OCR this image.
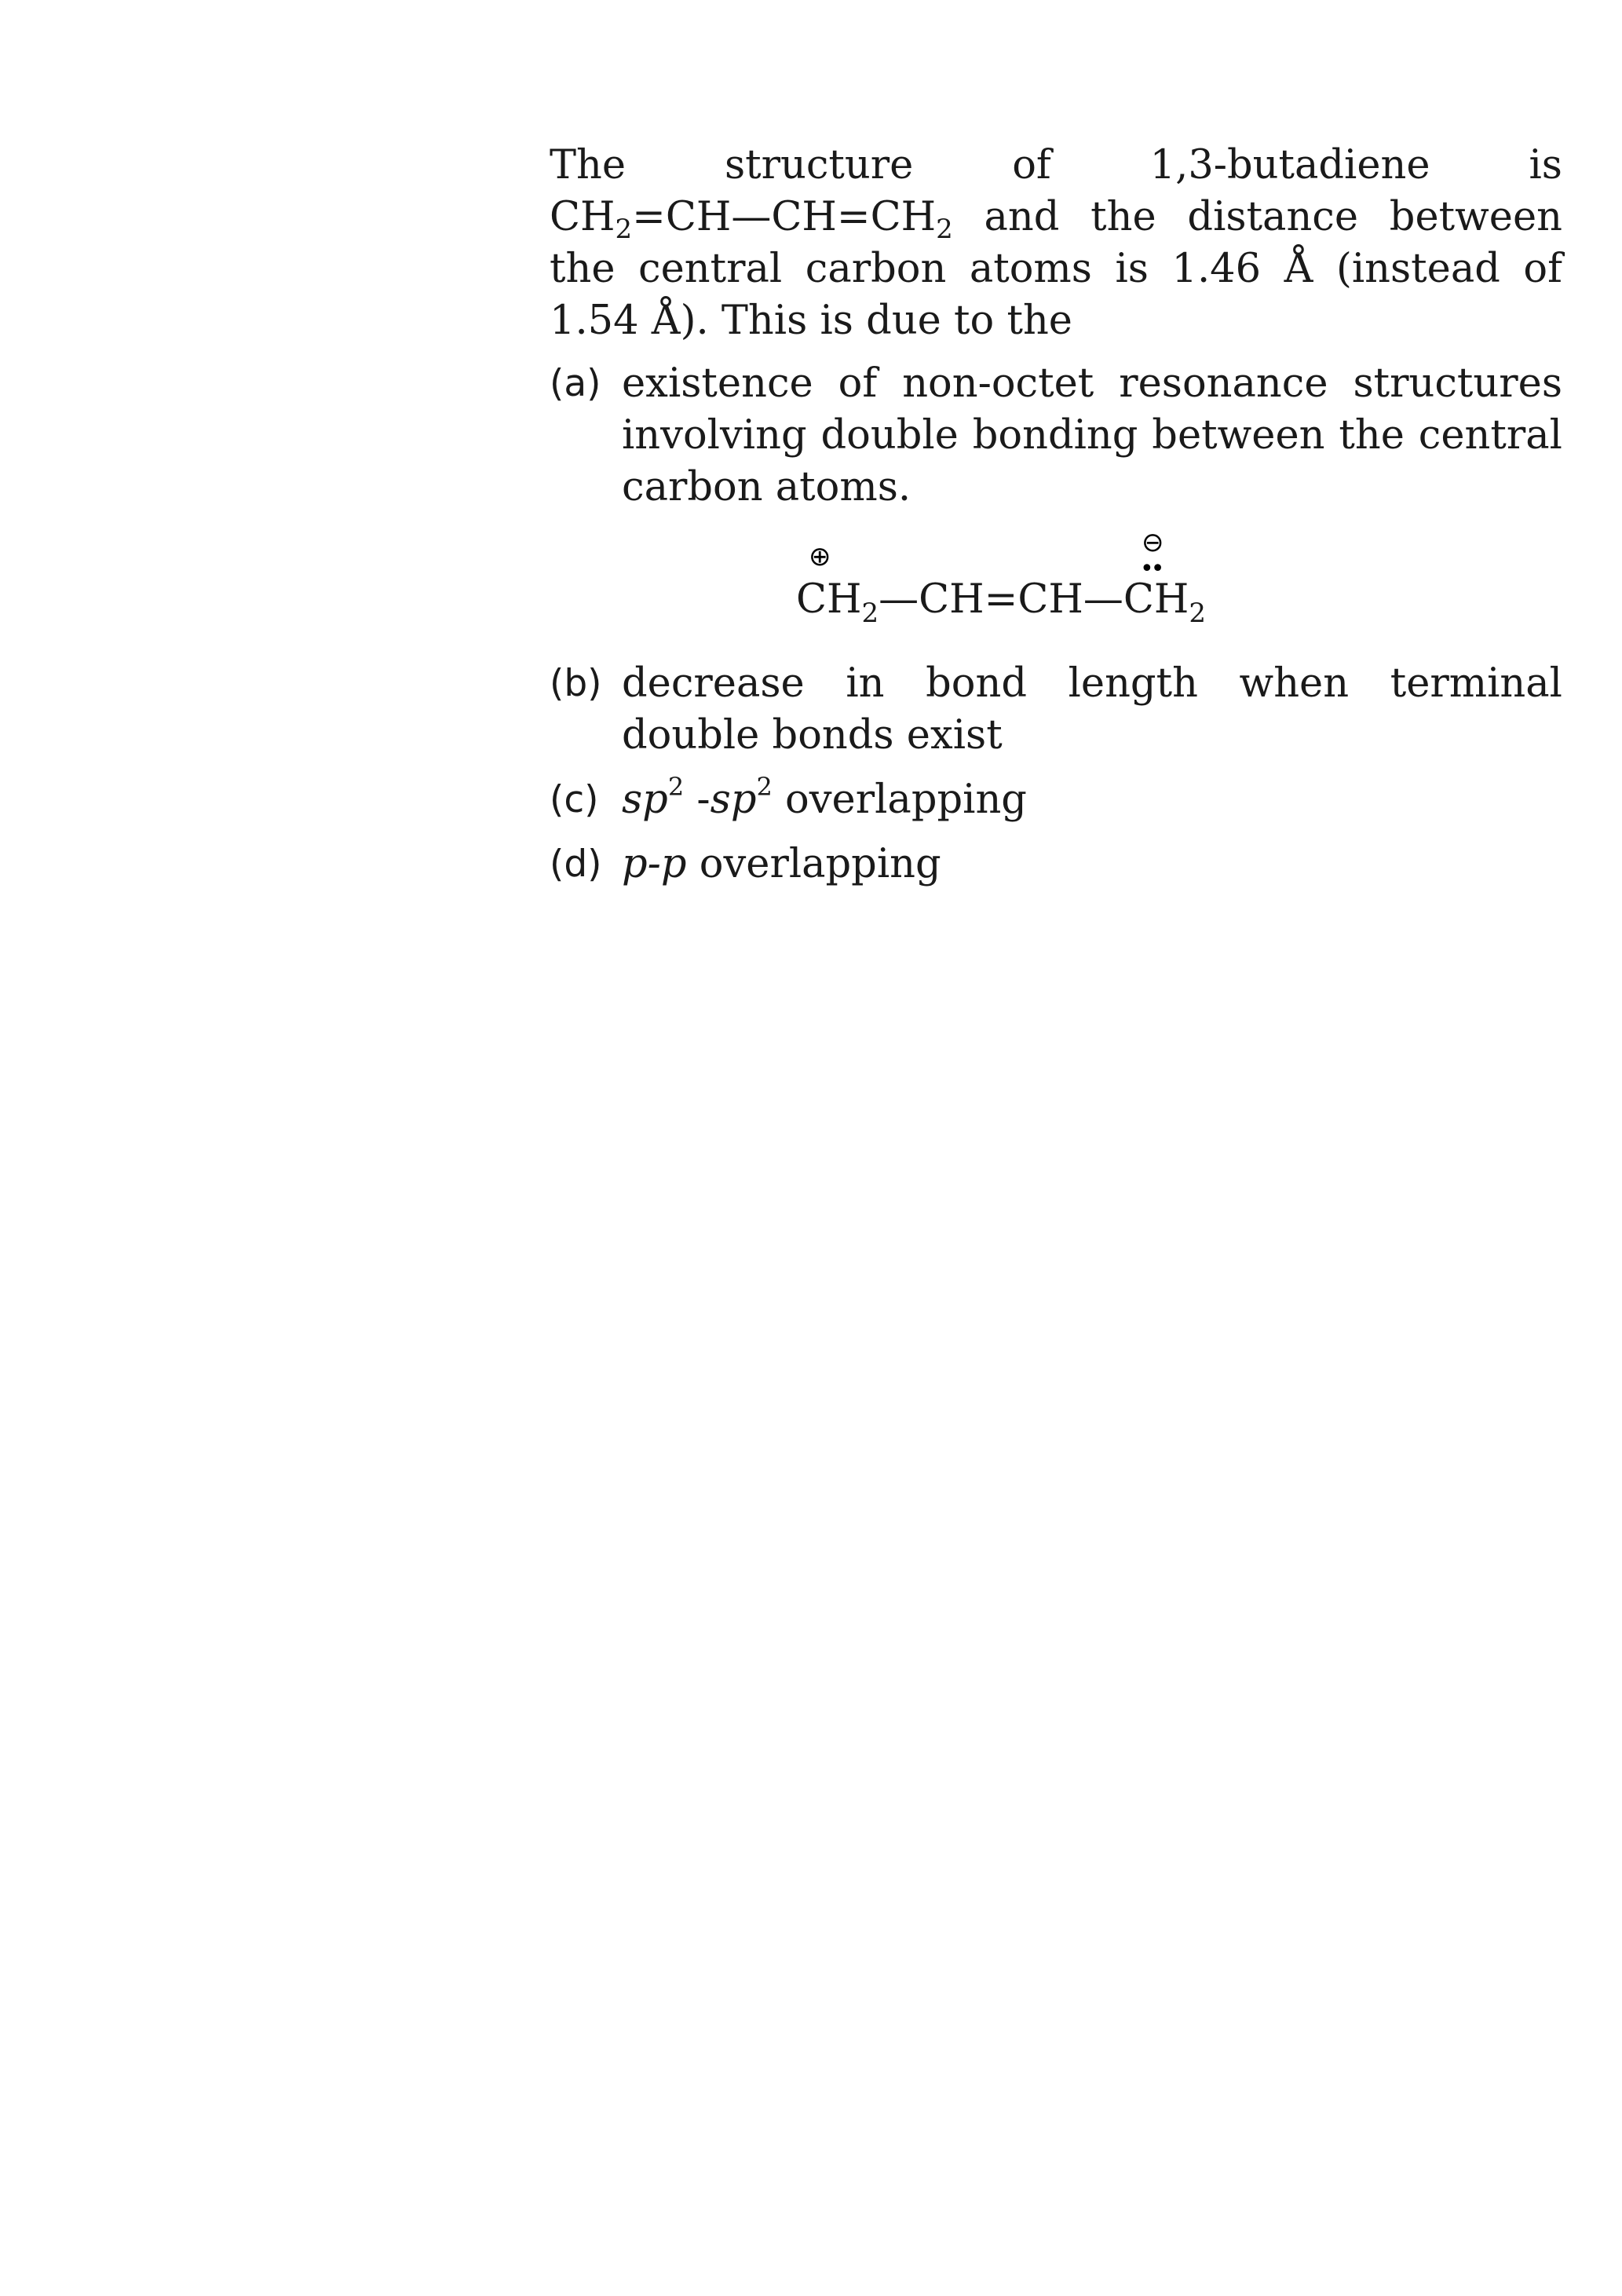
The structure of 1,3-butadiene is
$CH_2=CH—CH=CH_2$ and the distance between the central carbon atoms is 1.46 Å (instead of 1.54 Å). This is due to the
(a) existence of non-octet resonance structures involving double bonding between the central carbon atoms.
⊕
$CH_2—CH=CH—CH_2$
⊖
••
(b) decrease in bond length when terminal double bonds exist
(c) $sp^2$ $-sp^2$ overlapping
(d) p-p overlapping
